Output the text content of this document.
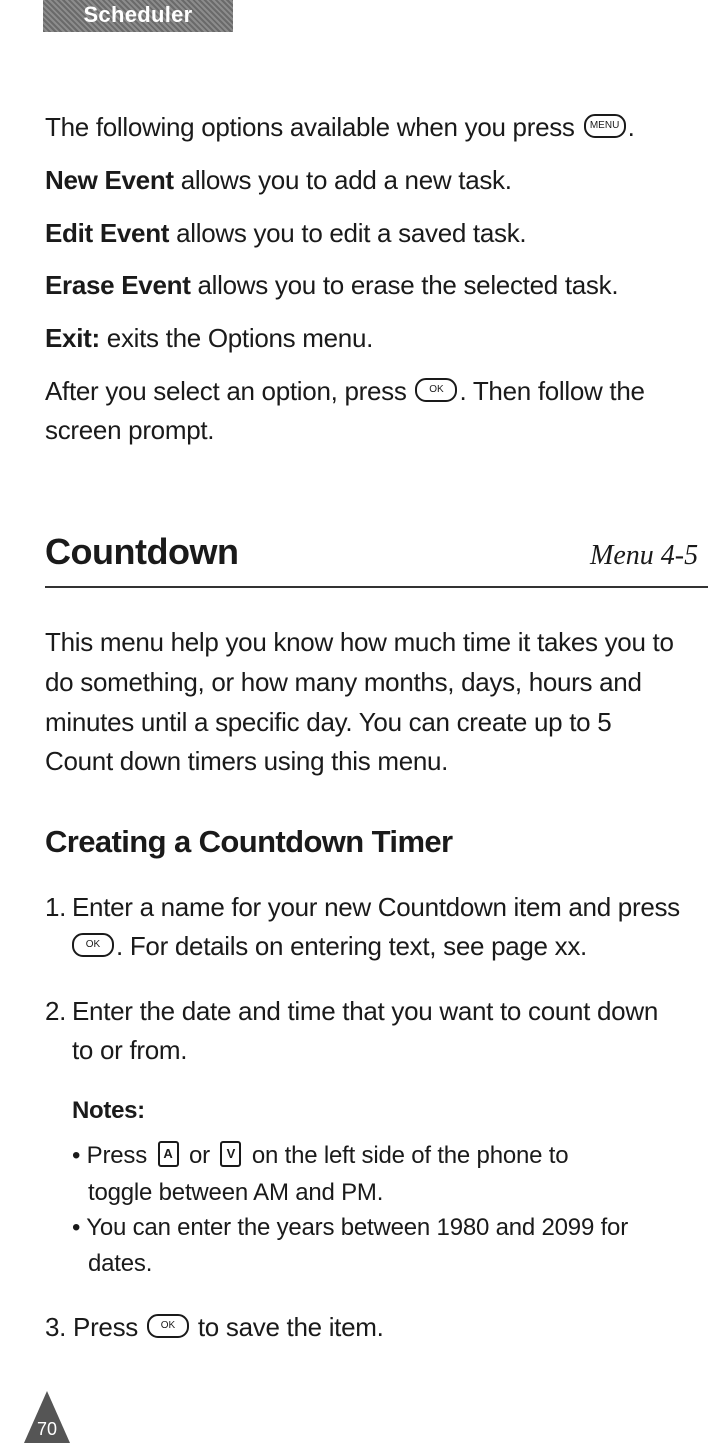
Scheduler

The following options available when you press MENU .

New Event allows you to add a new task.

Edit Event allows you to edit a saved task.

Erase Event allows you to erase the selected task.

Exit: exits the Options menu.

After you select an option, press OK . Then follow the

screen prompt.

Countdown	Menu 4-5

This menu help you know how much time it takes you to

do something, or how many months, days, hours and

minutes until a specific day. You can create up to 5

Count down timers using this menu.

Creating a Countdown Timer
1. Enter a name for your new Countdown item and press

OK . For details on entering text, see page xx.

2. Enter the date and time that you want to count down

to or from.

Notes:

• Press A or V on the left side of the phone to

toggle between AM and PM.

• You can enter the years between 1980 and 2099 for

dates.

3. Press OK to save the item.

70
